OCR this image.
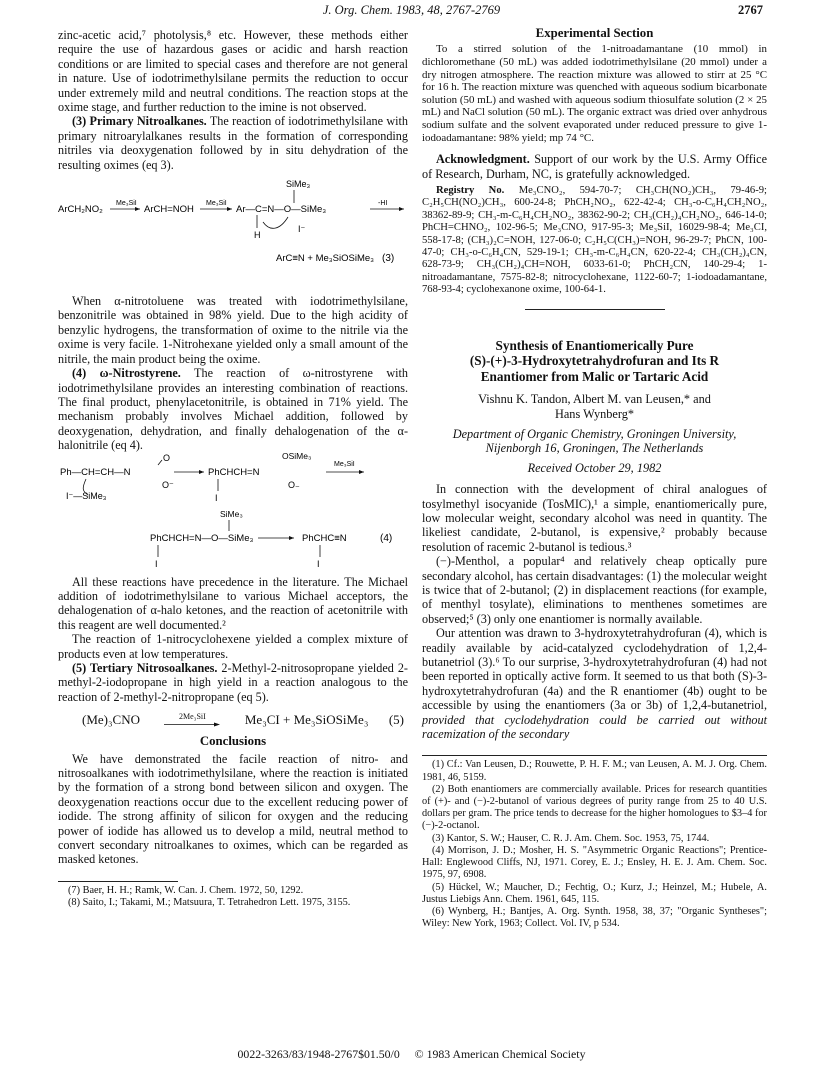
J. Org. Chem. 1983, 48, 2767-2769	2767

zinc-acetic acid,⁷ photolysis,⁸ etc. However, these methods either require the use of hazardous gases or acidic and harsh reaction conditions or are limited to special cases and therefore are not general in nature. Use of iodotrimethylsilane permits the reduction to occur under extremely mild and neutral conditions. The reaction stops at the oxime stage, and further reduction to the imine is not observed.

(3) Primary Nitroalkanes. The reaction of iodotrimethylsilane with primary nitroarylalkanes results in the formation of corresponding nitriles via deoxygenation followed by in situ dehydration of the resulting oximes (eq 3).

ArCH₂NO₂
Me₃SiI
ArCH=NOH
Me₃SiI
SiMe₃
Ar—C=N—O—SiMe₃
H
I⁻
-HI
ArC≡N + Me₃SiOSiMe₃ (3)

When α-nitrotoluene was treated with iodotrimethylsilane, benzonitrile was obtained in 98% yield. Due to the high acidity of benzylic hydrogens, the transformation of oxime to the nitrile via the oxime is very facile. 1-Nitrohexane yielded only a small amount of the nitrile, the main product being the oxime.

(4) ω-Nitrostyrene. The reaction of ω-nitrostyrene with iodotrimethylsilane provides an interesting combination of reactions. The final product, phenylacetonitrile, is obtained in 71% yield. The mechanism probably involves Michael addition, followed by deoxygenation, dehydration, and finally dehalogenation of the α-halonitrile (eq 4).

O
Ph—CH=CH—N
O⁻
I⁻—SiMe₃
OSiMe₃
PhCHCH=N
O₋
I
Me₃SiI
SiMe₃
PhCHCH=N—O—SiMe₃
I
PhCHC≡N
I
(4)

All these reactions have precedence in the literature. The Michael addition of iodotrimethylsilane to various Michael acceptors, the dehalogenation of α-halo ketones, and the reaction of acetonitrile with this reagent are well documented.²

The reaction of 1-nitrocyclohexene yielded a complex mixture of products even at low temperatures.

(5) Tertiary Nitrosoalkanes. 2-Methyl-2-nitrosopropane yielded 2-methyl-2-iodopropane in high yield in a reaction analogous to the reaction of 2-methyl-2-nitropropane (eq 5).

(Me)₃CNO	2Me₃SiI	Me₃CI + Me₃SiOSiMe₃ (5)
Conclusions

We have demonstrated the facile reaction of nitro- and nitrosoalkanes with iodotrimethylsilane, where the reaction is initiated by the formation of a strong bond between silicon and oxygen. The deoxygenation reactions occur due to the excellent reducing power of iodide. The strong affinity of silicon for oxygen and the reducing power of iodide has allowed us to develop a mild, neutral method to convert secondary nitroalkanes to oximes, which can be regarded as masked ketones.

(7) Baer, H. H.; Ramk, W. Can. J. Chem. 1972, 50, 1292.

(8) Saito, I.; Takami, M.; Matsuura, T. Tetrahedron Lett. 1975, 3155.

Experimental Section

To a stirred solution of the 1-nitroadamantane (10 mmol) in dichloromethane (50 mL) was added iodotrimethylsilane (20 mmol) under a dry nitrogen atmosphere. The reaction mixture was allowed to stirr at 25 °C for 16 h. The reaction mixture was quenched with aqueous sodium bicarbonate solution (50 mL) and washed with aqueous sodium thiosulfate solution (2 × 25 mL) and NaCl solution (50 mL). The organic extract was dried over anhydrous sodium sulfate and the solvent evaporated under reduced pressure to give 1-iodoadamantane: 98% yield; mp 74 °C.

Acknowledgment. Support of our work by the U.S. Army Office of Research, Durham, NC, is gratefully acknowledged.

Registry No. Me₃CNO₂, 594-70-7; CH₃CH(NO₂)CH₃, 79-46-9; C₂H₅CH(NO₂)CH₃, 600-24-8; PhCH₂NO₂, 622-42-4; CH₃-o-C₆H₄CH₂NO₂, 38362-89-9; CH₃-m-C₆H₄CH₂NO₂, 38362-90-2; CH₃(CH₂)₄CH₂NO₂, 646-14-0; PhCH=CHNO₂, 102-96-5; Me₃CNO, 917-95-3; Me₃SiI, 16029-98-4; Me₃CI, 558-17-8; (CH₃)₂C=NOH, 127-06-0; C₂H₅C(CH₃)=NOH, 96-29-7; PhCN, 100-47-0; CH₃-o-C₆H₄CN, 529-19-1; CH₃-m-C₆H₄CN, 620-22-4; CH₃(CH₂)₄CN, 628-73-9; CH₃(CH₂)₄CH=NOH, 6033-61-0; PhCH₂CN, 140-29-4; 1-nitroadamantane, 7575-82-8; nitrocyclohexane, 1122-60-7; 1-iodoadamantane, 768-93-4; cyclohexanone oxime, 100-64-1.

Synthesis of Enantiomerically Pure
(S)-(+)-3-Hydroxytetrahydrofuran and Its R
Enantiomer from Malic or Tartaric Acid
Vishnu K. Tandon, Albert M. van Leusen,* and
Hans Wynberg*
Department of Organic Chemistry, Groningen University,
Nijenborgh 16, Groningen, The Netherlands
Received October 29, 1982

In connection with the development of chiral analogues of tosylmethyl isocyanide (TosMIC),¹ a simple, enantiomerically pure, low molecular weight, secondary alcohol was need in quantity. The likeliest candidate, 2-butanol, is expensive,² probably because resolution of racemic 2-butanol is tedious.³

(−)-Menthol, a popular⁴ and relatively cheap optically pure secondary alcohol, has certain disadvantages: (1) the molecular weight is twice that of 2-butanol; (2) in displacement reactions (for example, of menthyl tosylate), eliminations to menthenes sometimes are observed;⁵ (3) only one enantiomer is normally available.

Our attention was drawn to 3-hydroxytetrahydrofuran (4), which is readily available by acid-catalyzed cyclodehydration of 1,2,4-butanetriol (3).⁶ To our surprise, 3-hydroxytetrahydrofuran (4) had not been reported in optically active form. It seemed to us that both (S)-3-hydroxytetrahydrofuran (4a) and the R enantiomer (4b) ought to be accessible by using the enantiomers (3a or 3b) of 1,2,4-butanetriol, provided that cyclodehydration could be carried out without racemization of the secondary

(1) Cf.: Van Leusen, D.; Rouwette, P. H. F. M.; van Leusen, A. M. J. Org. Chem. 1981, 46, 5159.

(2) Both enantiomers are commercially available. Prices for research quantities of (+)- and (−)-2-butanol of various degrees of purity range from 25 to 40 U.S. dollars per gram. The price tends to decrease for the higher homologues to $3–4 for (−)-2-octanol.

(3) Kantor, S. W.; Hauser, C. R. J. Am. Chem. Soc. 1953, 75, 1744.

(4) Morrison, J. D.; Mosher, H. S. "Asymmetric Organic Reactions"; Prentice-Hall: Englewood Cliffs, NJ, 1971. Corey, E. J.; Ensley, H. E. J. Am. Chem. Soc. 1975, 97, 6908.

(5) Hückel, W.; Maucher, D.; Fechtig, O.; Kurz, J.; Heinzel, M.; Hubele, A. Justus Liebigs Ann. Chem. 1961, 645, 115.

(6) Wynberg, H.; Bantjes, A. Org. Synth. 1958, 38, 37; "Organic Syntheses"; Wiley: New York, 1963; Collect. Vol. IV, p 534.

0022-3263/83/1948-2767$01.50/0 © 1983 American Chemical Society
